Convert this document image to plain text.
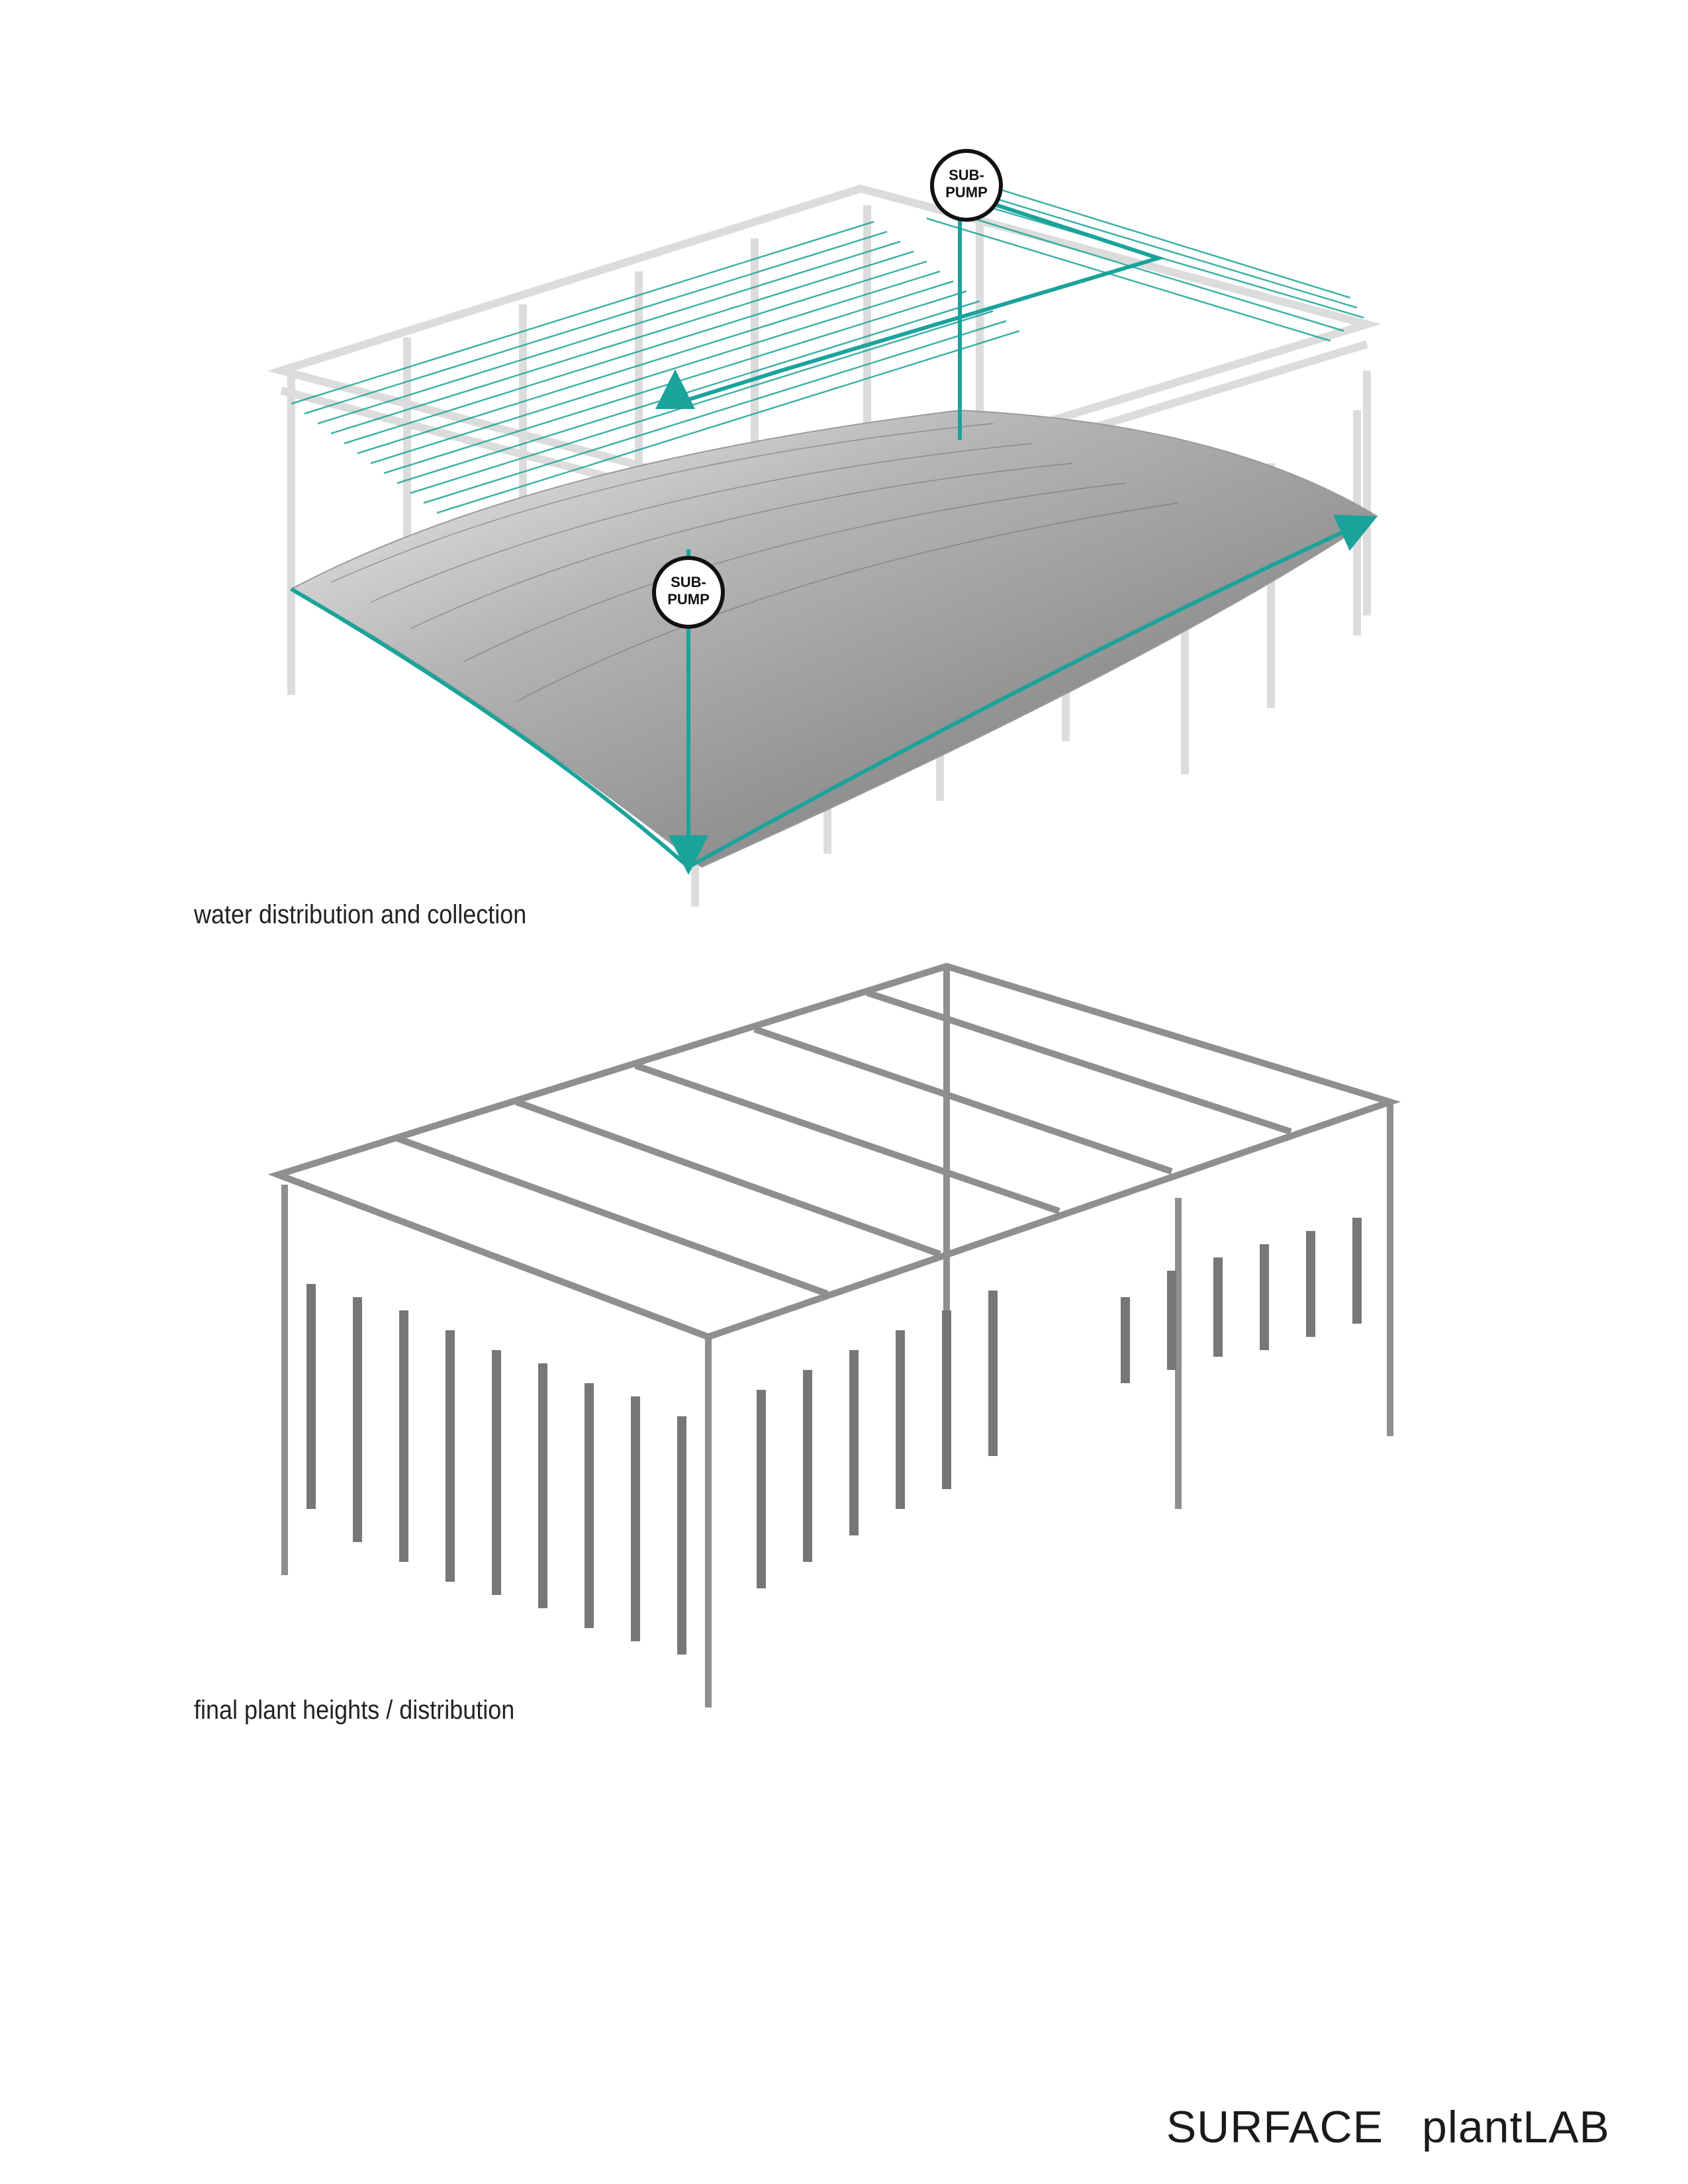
SUB-
PUMP
SUB-
PUMP
water distribution and collection
final plant heights / distribution
SURFACE plantLAB
